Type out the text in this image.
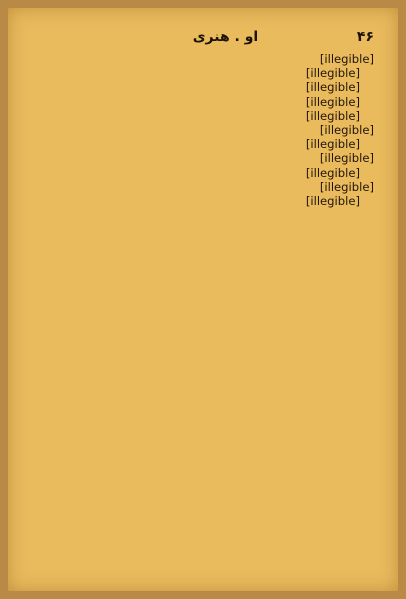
۴۶
او . هنری

[illegible]

[illegible]

[illegible]

[illegible]

[illegible]

[illegible]

[illegible]

[illegible]

[illegible]

[illegible]

[illegible]
